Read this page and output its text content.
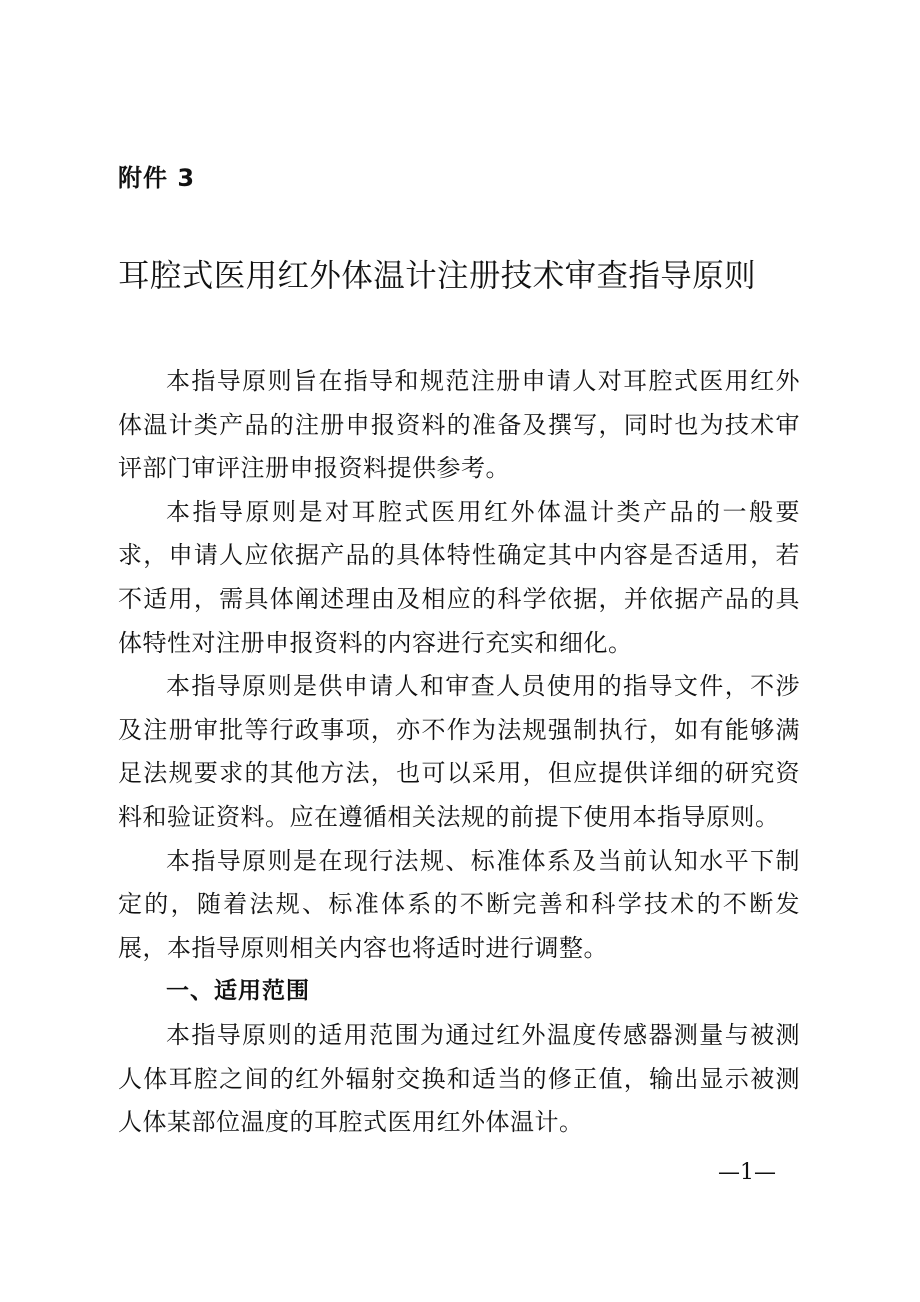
附件 3

耳腔式医用红外体温计注册技术审查指导原则

本指导原则旨在指导和规范注册申请人对耳腔式医用红外体温计类产品的注册申报资料的准备及撰写，同时也为技术审评部门审评注册申报资料提供参考。

本指导原则是对耳腔式医用红外体温计类产品的一般要求，申请人应依据产品的具体特性确定其中内容是否适用，若不适用，需具体阐述理由及相应的科学依据，并依据产品的具体特性对注册申报资料的内容进行充实和细化。

本指导原则是供申请人和审查人员使用的指导文件，不涉及注册审批等行政事项，亦不作为法规强制执行，如有能够满足法规要求的其他方法，也可以采用，但应提供详细的研究资料和验证资料。应在遵循相关法规的前提下使用本指导原则。

本指导原则是在现行法规、标准体系及当前认知水平下制定的，随着法规、标准体系的不断完善和科学技术的不断发展，本指导原则相关内容也将适时进行调整。

一、适用范围

本指导原则的适用范围为通过红外温度传感器测量与被测人体耳腔之间的红外辐射交换和适当的修正值，输出显示被测人体某部位温度的耳腔式医用红外体温计。

—1—
